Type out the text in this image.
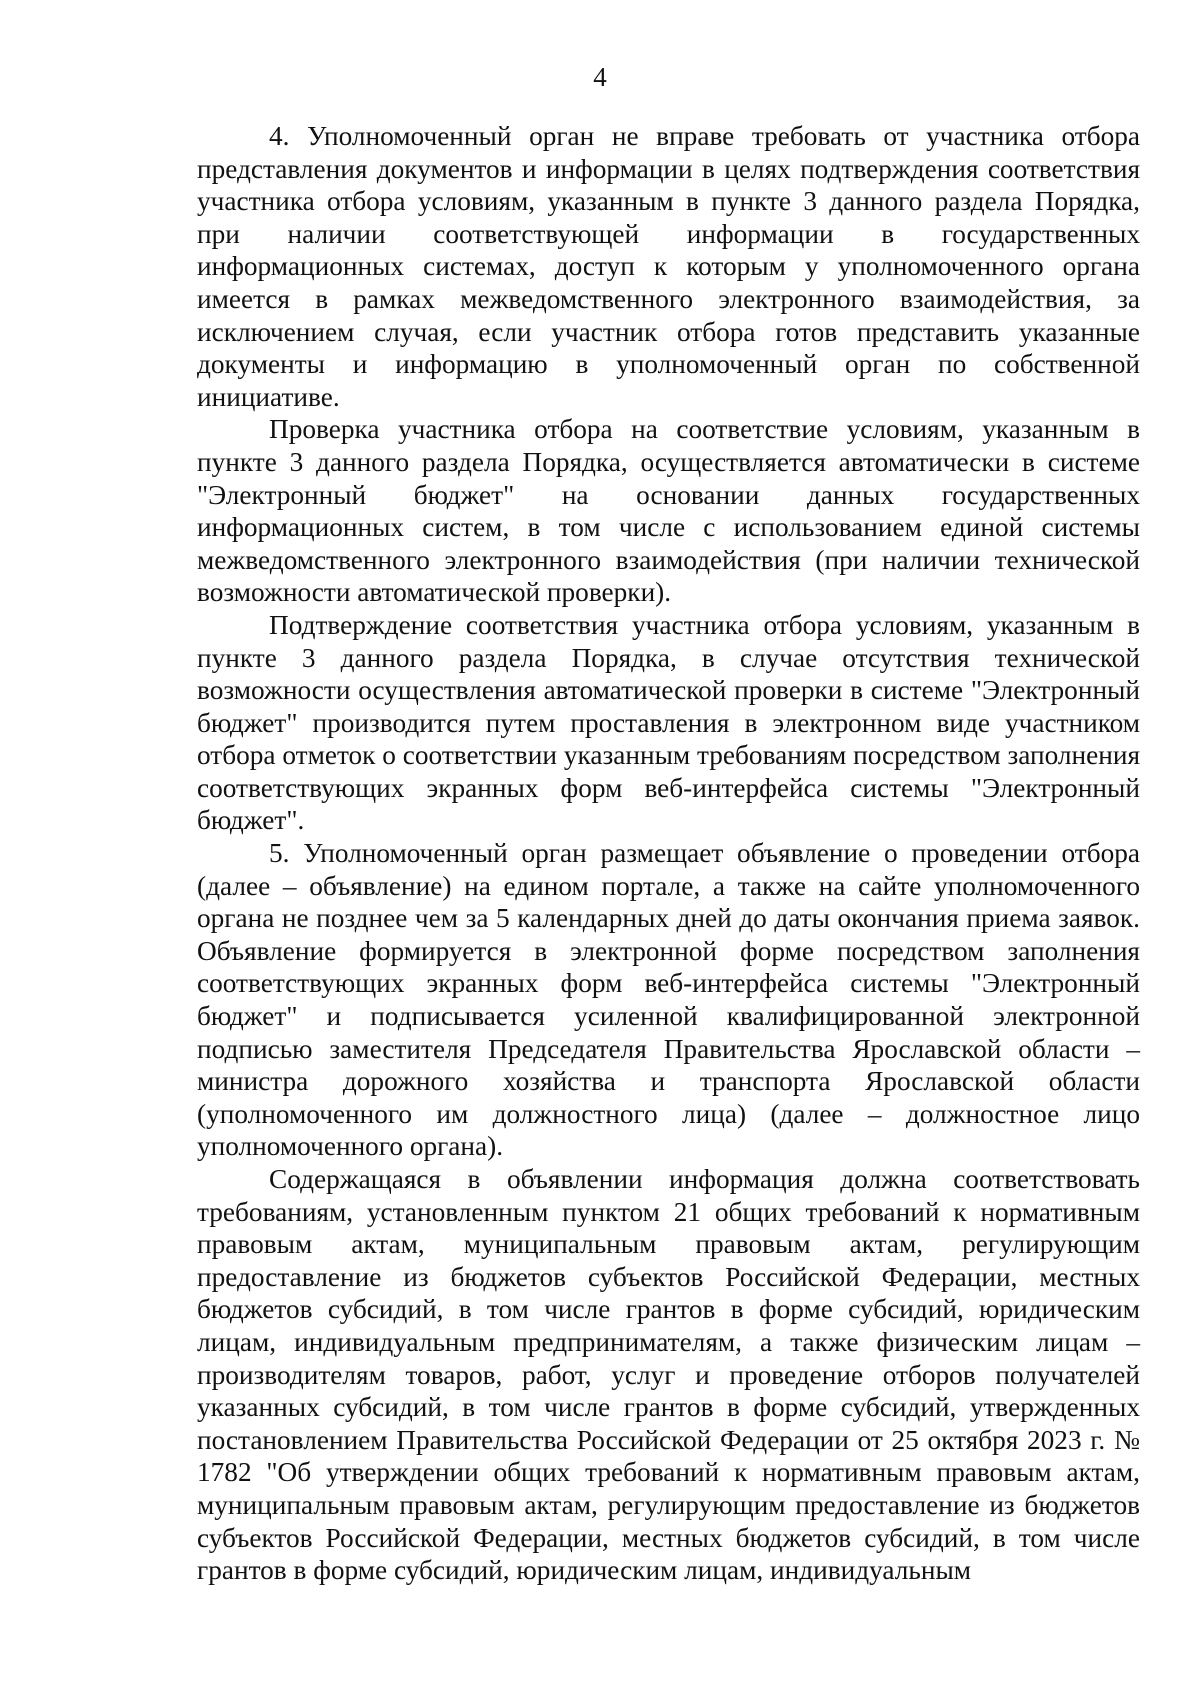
4

4. Уполномоченный орган не вправе требовать от участника отбора представления документов и информации в целях подтверждения соответствия участника отбора условиям, указанным в пункте 3 данного раздела Порядка, при наличии соответствующей информации в государственных информационных системах, доступ к которым у уполномоченного органа имеется в рамках межведомственного электронного взаимодействия, за исключением случая, если участник отбора готов представить указанные документы и информацию в уполномоченный орган по собственной инициативе.

Проверка участника отбора на соответствие условиям, указанным в пункте 3 данного раздела Порядка, осуществляется автоматически в системе "Электронный бюджет" на основании данных государственных информационных систем, в том числе с использованием единой системы межведомственного электронного взаимодействия (при наличии технической возможности автоматической проверки).

Подтверждение соответствия участника отбора условиям, указанным в пункте 3 данного раздела Порядка, в случае отсутствия технической возможности осуществления автоматической проверки в системе "Электронный бюджет" производится путем проставления в электронном виде участником отбора отметок о соответствии указанным требованиям посредством заполнения соответствующих экранных форм веб-интерфейса системы "Электронный бюджет".

5. Уполномоченный орган размещает объявление о проведении отбора (далее – объявление) на едином портале, а также на сайте уполномоченного органа не позднее чем за 5 календарных дней до даты окончания приема заявок. Объявление формируется в электронной форме посредством заполнения соответствующих экранных форм веб-интерфейса системы "Электронный бюджет" и подписывается усиленной квалифицированной электронной подписью заместителя Председателя Правительства Ярославской области – министра дорожного хозяйства и транспорта Ярославской области (уполномоченного им должностного лица) (далее – должностное лицо уполномоченного органа).

Содержащаяся в объявлении информация должна соответствовать требованиям, установленным пунктом 21 общих требований к нормативным правовым актам, муниципальным правовым актам, регулирующим предоставление из бюджетов субъектов Российской Федерации, местных бюджетов субсидий, в том числе грантов в форме субсидий, юридическим лицам, индивидуальным предпринимателям, а также физическим лицам – производителям товаров, работ, услуг и проведение отборов получателей указанных субсидий, в том числе грантов в форме субсидий, утвержденных постановлением Правительства Российской Федерации от 25 октября 2023 г. № 1782 "Об утверждении общих требований к нормативным правовым актам, муниципальным правовым актам, регулирующим предоставление из бюджетов субъектов Российской Федерации, местных бюджетов субсидий, в том числе грантов в форме субсидий, юридическим лицам, индивидуальным
